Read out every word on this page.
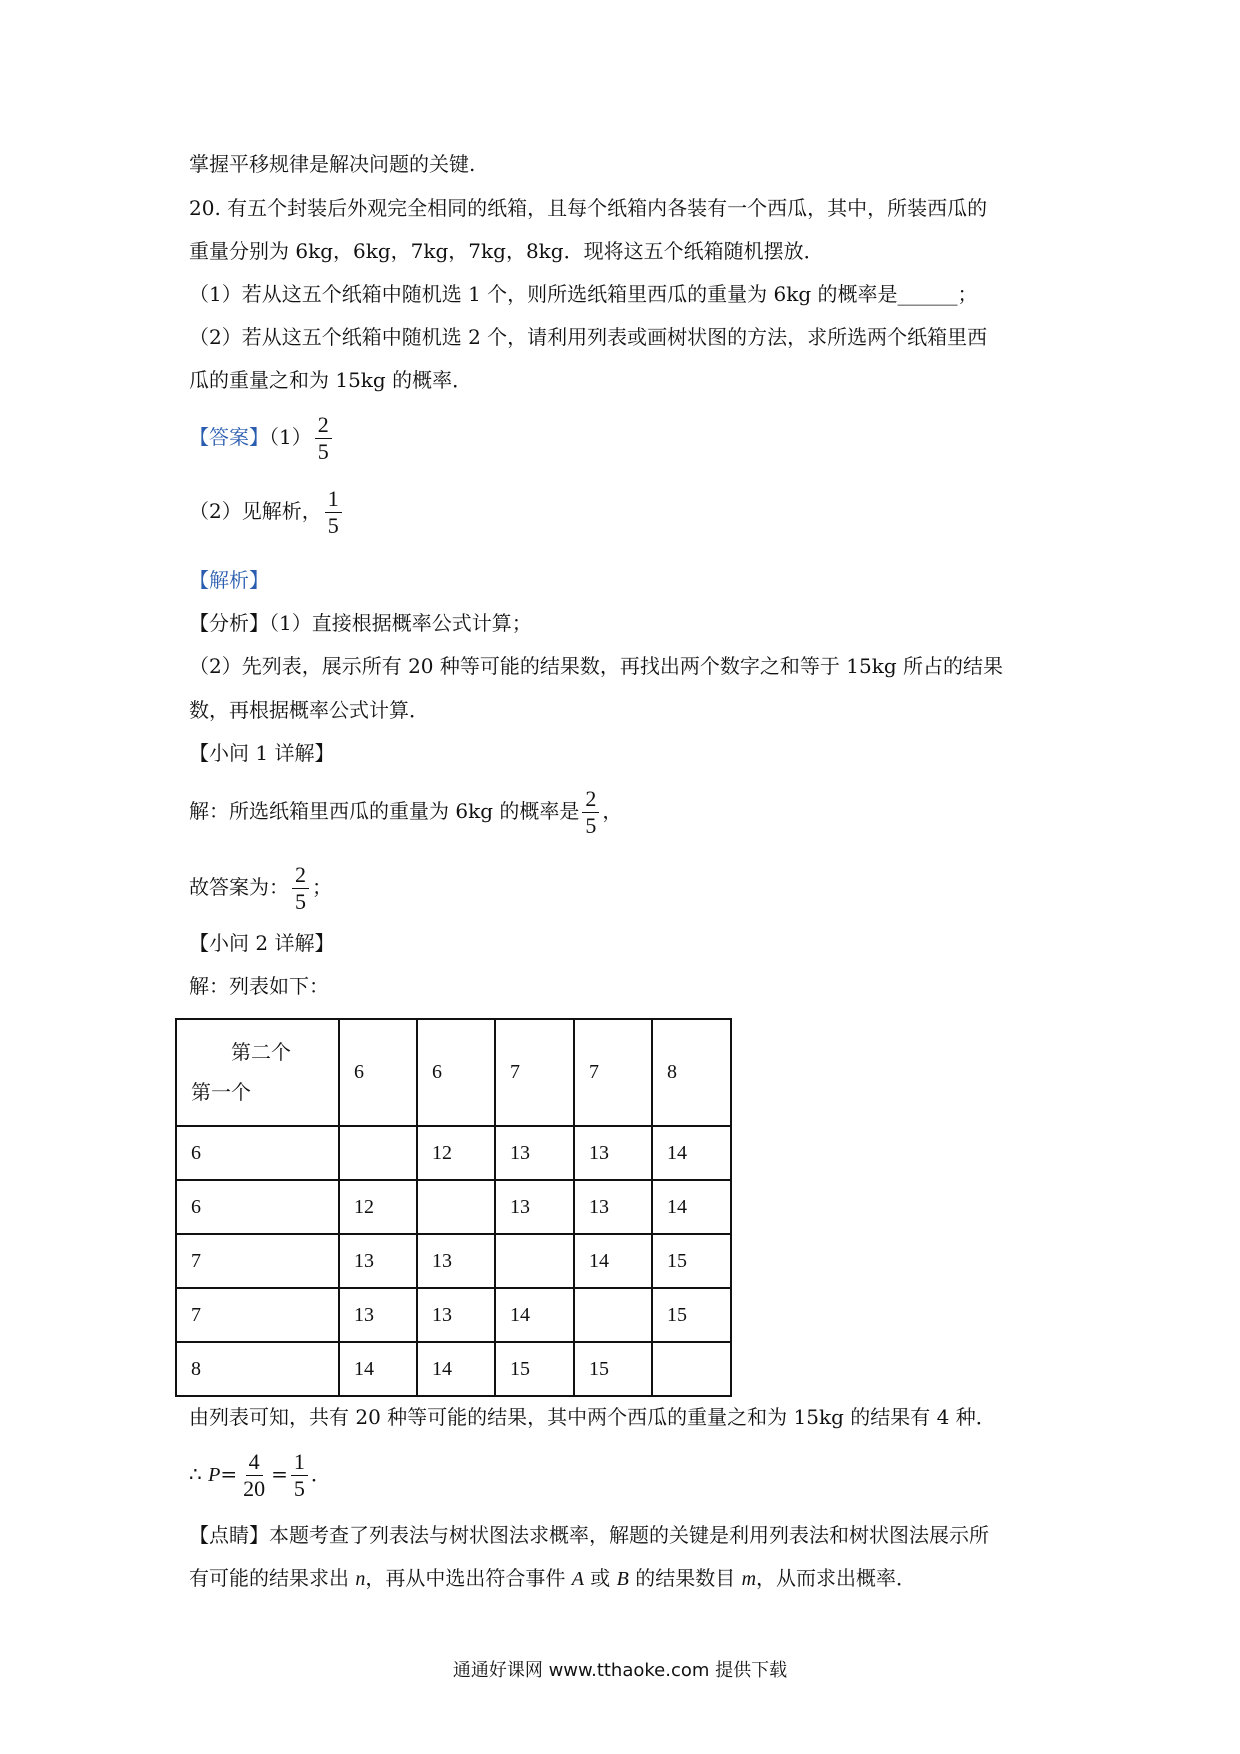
掌握平移规律是解决问题的关键.
20. 有五个封装后外观完全相同的纸箱，且每个纸箱内各装有一个西瓜，其中，所装西瓜的
重量分别为 6kg，6kg，7kg，7kg，8kg．现将这五个纸箱随机摆放．
（1）若从这五个纸箱中随机选 1 个，则所选纸箱里西瓜的重量为 6kg 的概率是______；
（2）若从这五个纸箱中随机选 2 个，请利用列表或画树状图的方法，求所选两个纸箱里西
瓜的重量之和为 15kg 的概率．
【答案】$(1) \frac{2}{5}$
（2）见解析， $\frac{1}{5}$
【解析】
【分析】（1）直接根据概率公式计算；
（2）先列表，展示所有 20 种等可能的结果数，再找出两个数字之和等于 15kg 所占的结果
数，再根据概率公式计算．
【小问 1 详解】
解：所选纸箱里西瓜的重量为 6kg 的概率是 $\frac{2}{5}$ ，
故答案为： $\frac{2}{5}$ ；
【小问 2 详解】
解：列表如下：
第二个
第一个	6	6	7	7	8
6		12	13	13	14
6	12		13	13	14
7	13	13		14	15
7	13	13	14		15
8	14	14	15	15	
由列表可知，共有 20 种等可能的结果，其中两个西瓜的重量之和为 15kg 的结果有 4 种．
∴ $P= \frac{4}{20} = \frac{1}{5}$ ．
【点睛】本题考查了列表法与树状图法求概率，解题的关键是利用列表法和树状图法展示所
有可能的结果求出 n，再从中选出符合事件 A 或 B 的结果数目 m，从而求出概率．
通通好课网 www.tthaoke.com 提供下载
